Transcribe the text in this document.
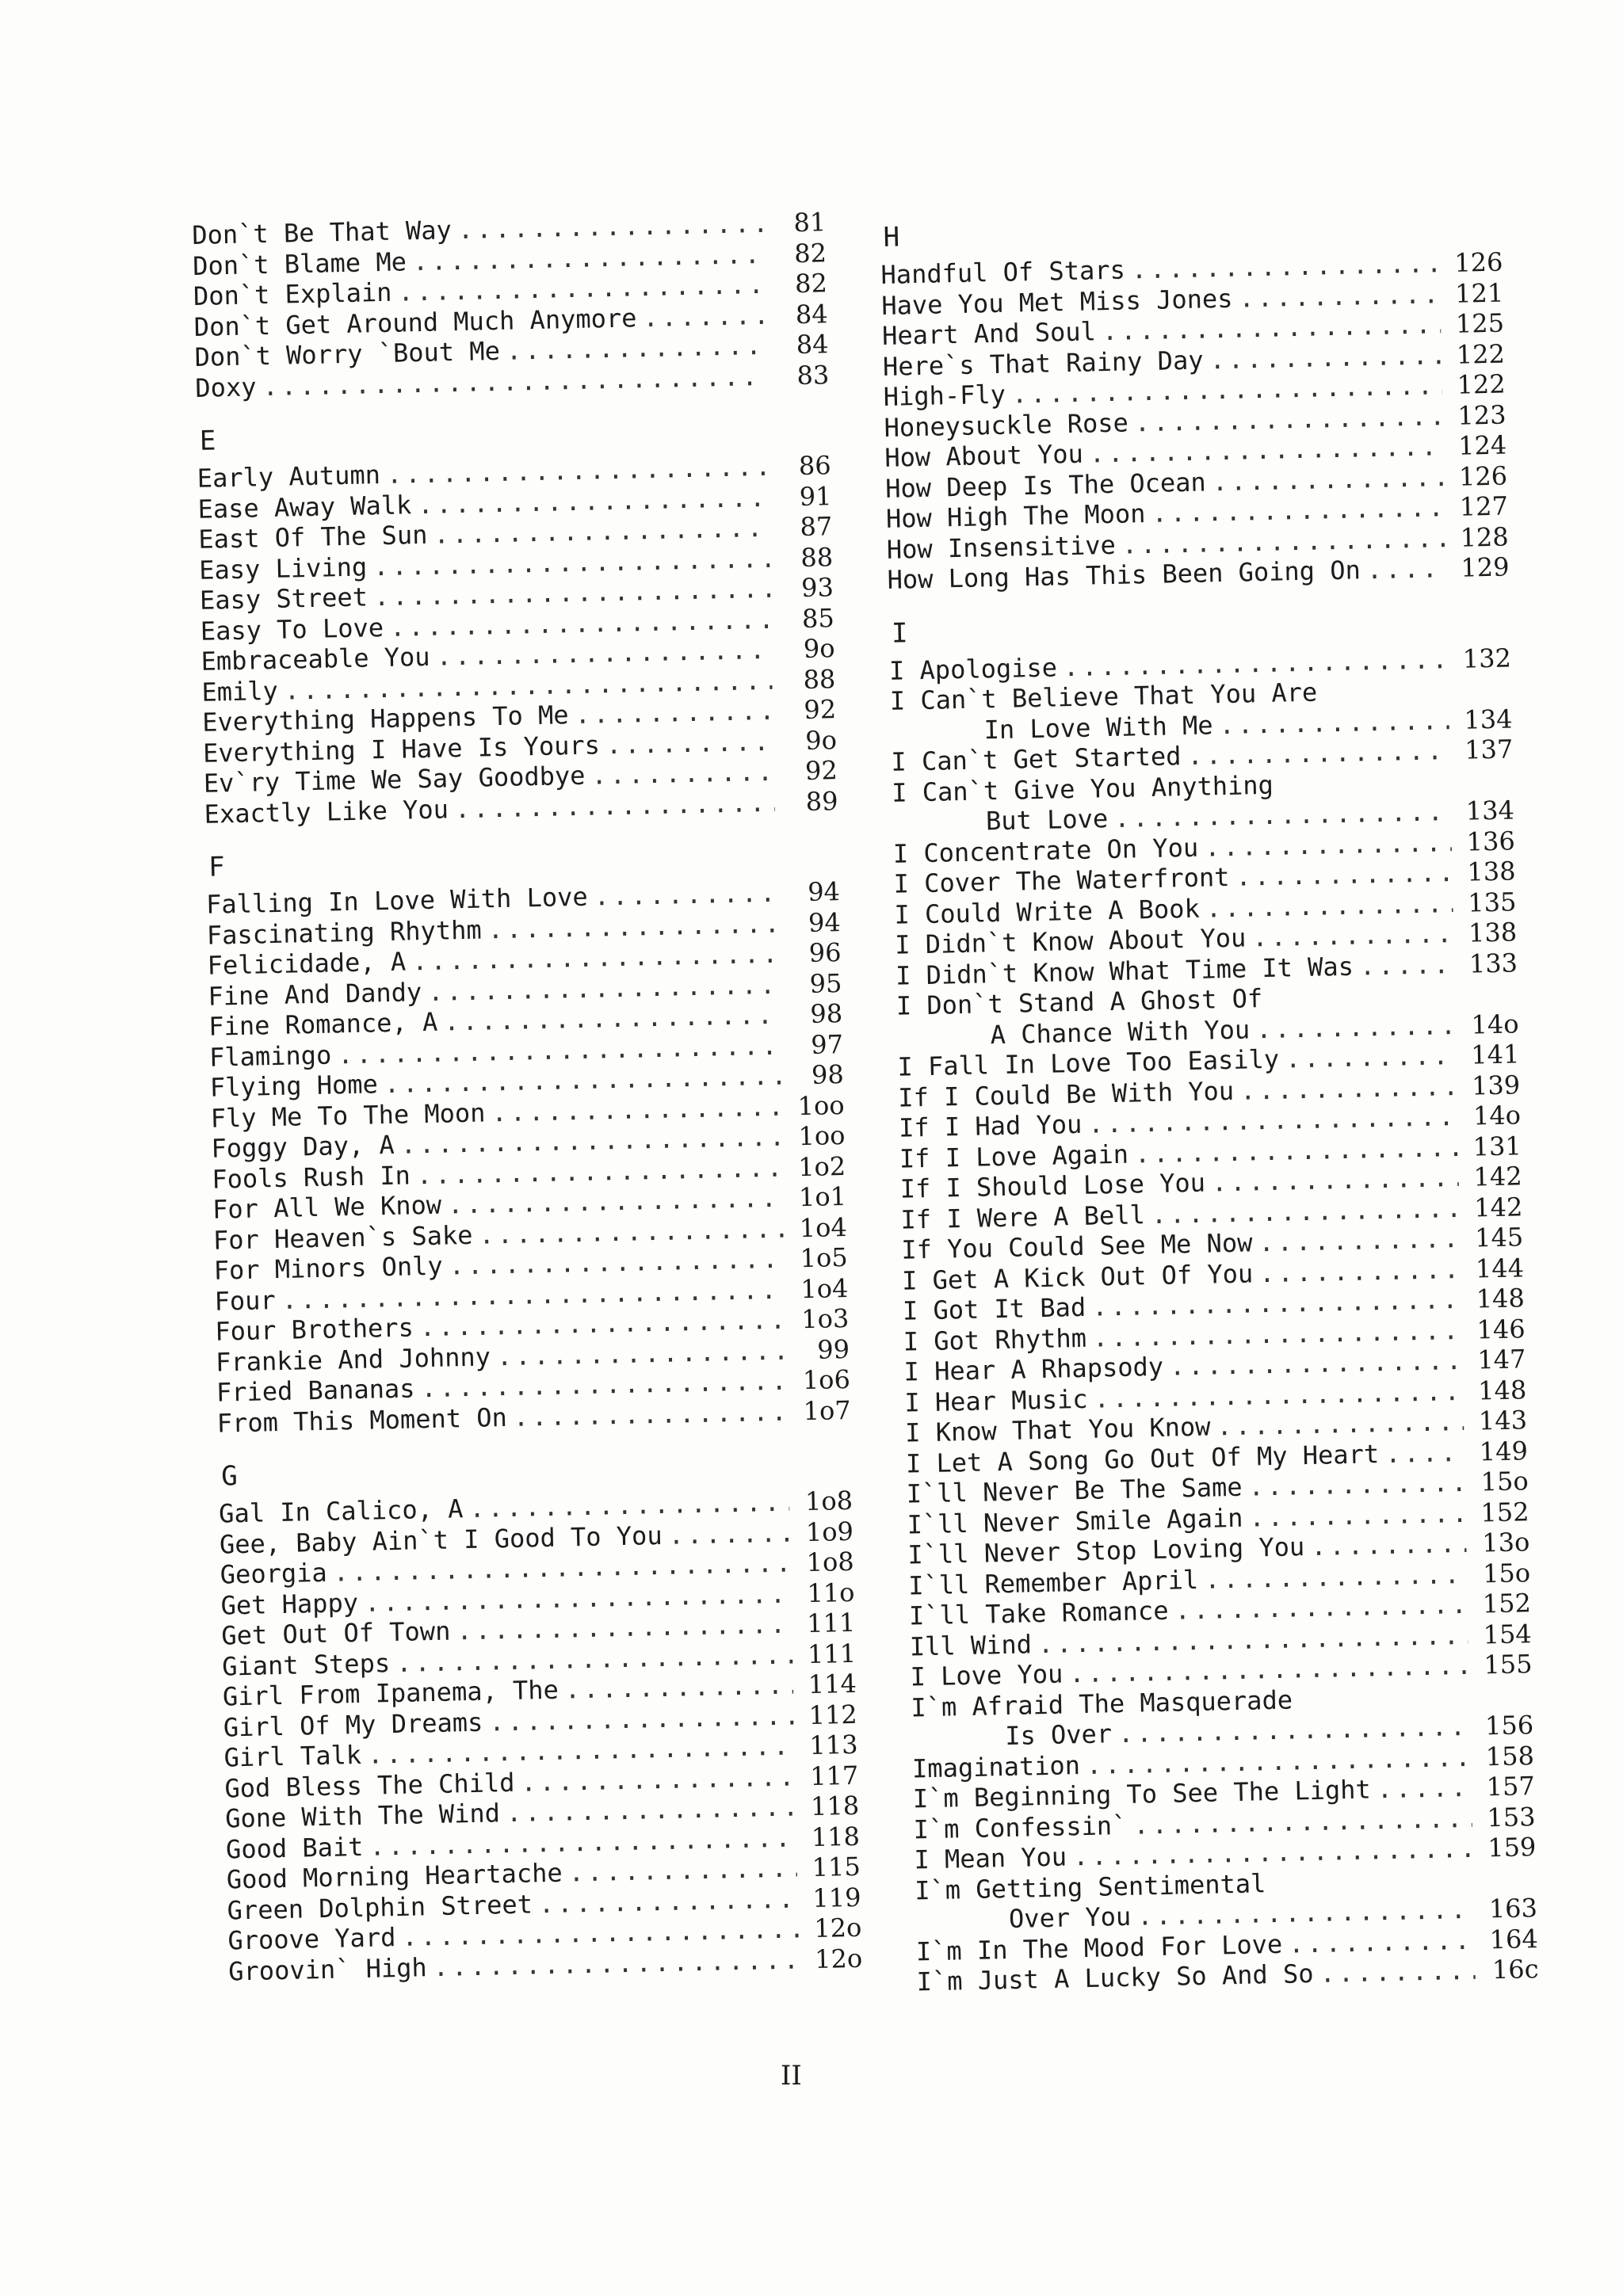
Don`t Be That Way .....	81
Don`t Blame Me .....	82
Don`t Explain .....	82
Don`t Get Around Much Anymore .....	84
Don`t Worry `Bout Me .....	84
Doxy .....	83
E
Early Autumn .....	86
Ease Away Walk .....	91
East Of The Sun .....	87
Easy Living .....	88
Easy Street .....	93
Easy To Love .....	85
Embraceable You .....	9o
Emily .....	88
Everything Happens To Me .....	92
Everything I Have Is Yours .....	9o
Ev`ry Time We Say Goodbye .....	92
Exactly Like You .....	89
F
Falling In Love With Love .....	94
Fascinating Rhythm .....	94
Felicidade, A .....	96
Fine And Dandy .....	95
Fine Romance, A .....	98
Flamingo .....	97
Flying Home .....	98
Fly Me To The Moon .....	1oo
Foggy Day, A .....	1oo
Fools Rush In .....	1o2
For All We Know .....	1o1
For Heaven`s Sake .....	1o4
For Minors Only .....	1o5
Four .....	1o4
Four Brothers .....	1o3
Frankie And Johnny .....	99
Fried Bananas .....	1o6
From This Moment On .....	1o7
G
Gal In Calico, A .....	1o8
Gee, Baby Ain`t I Good To You .....	1o9
Georgia .....	1o8
Get Happy .....	11o
Get Out Of Town .....	111
Giant Steps .....	111
Girl From Ipanema, The .....	114
Girl Of My Dreams .....	112
Girl Talk .....	113
God Bless The Child .....	117
Gone With The Wind .....	118
Good Bait .....	118
Good Morning Heartache .....	115
Green Dolphin Street .....	119
Groove Yard .....	12o
Groovin` High .....	12o
H
Handful Of Stars .....	126
Have You Met Miss Jones .....	121
Heart And Soul .....	125
Here`s That Rainy Day .....	122
High-Fly .....	122
Honeysuckle Rose .....	123
How About You .....	124
How Deep Is The Ocean .....	126
How High The Moon .....	127
How Insensitive .....	128
How Long Has This Been Going On .....	129
I
I Apologise .....	132
I Can`t Believe That You Are
In Love With Me .....	134
I Can`t Get Started .....	137
I Can`t Give You Anything
But Love .....	134
I Concentrate On You .....	136
I Cover The Waterfront .....	138
I Could Write A Book .....	135
I Didn`t Know About You .....	138
I Didn`t Know What Time It Was .....	133
I Don`t Stand A Ghost Of
A Chance With You .....	14o
I Fall In Love Too Easily .....	141
If I Could Be With You .....	139
If I Had You .....	14o
If I Love Again .....	131
If I Should Lose You .....	142
If I Were A Bell .....	142
If You Could See Me Now .....	145
I Get A Kick Out Of You .....	144
I Got It Bad .....	148
I Got Rhythm .....	146
I Hear A Rhapsody .....	147
I Hear Music .....	148
I Know That You Know .....	143
I Let A Song Go Out Of My Heart .....	149
I`ll Never Be The Same .....	15o
I`ll Never Smile Again .....	152
I`ll Never Stop Loving You .....	13o
I`ll Remember April .....	15o
I`ll Take Romance .....	152
Ill Wind .....	154
I Love You .....	155
I`m Afraid The Masquerade
Is Over .....	156
Imagination .....	158
I`m Beginning To See The Light .....	157
I`m Confessin` .....	153
I Mean You .....	159
I`m Getting Sentimental
Over You .....	163
I`m In The Mood For Love .....	164
I`m Just A Lucky So And So .....	16c
II
